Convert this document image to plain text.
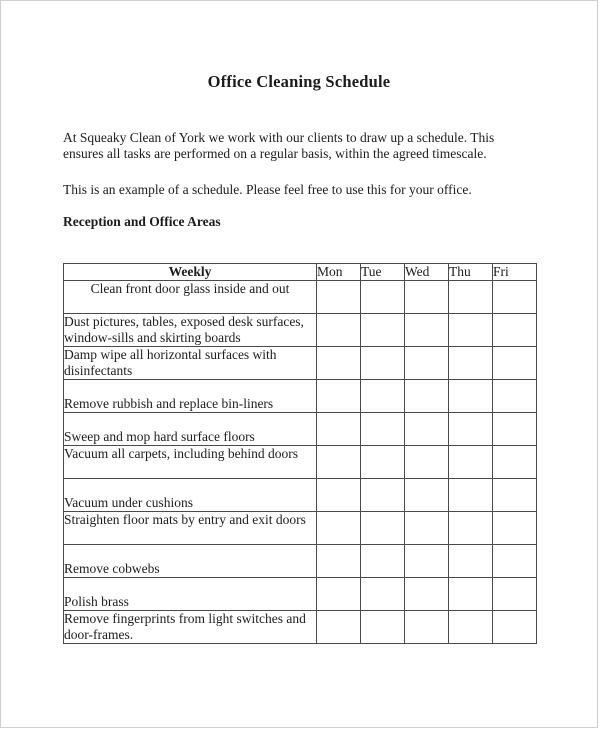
Office Cleaning Schedule

At Squeaky Clean of York we work with our clients to draw up a schedule. This ensures all tasks are performed on a regular basis, within the agreed timescale.

This is an example of a schedule. Please feel free to use this for your office.

Reception and Office Areas
Weekly	Mon	Tue	Wed	Thu	Fri
Clean front door glass inside and out					
Dust pictures, tables, exposed desk surfaces, window-sills and skirting boards					
Damp wipe all horizontal surfaces with disinfectants					
Remove rubbish and replace bin-liners					
Sweep and mop hard surface floors					
Vacuum all carpets, including behind doors					
Vacuum under cushions					
Straighten floor mats by entry and exit doors					
Remove cobwebs					
Polish brass					
Remove fingerprints from light switches and door-frames.					
